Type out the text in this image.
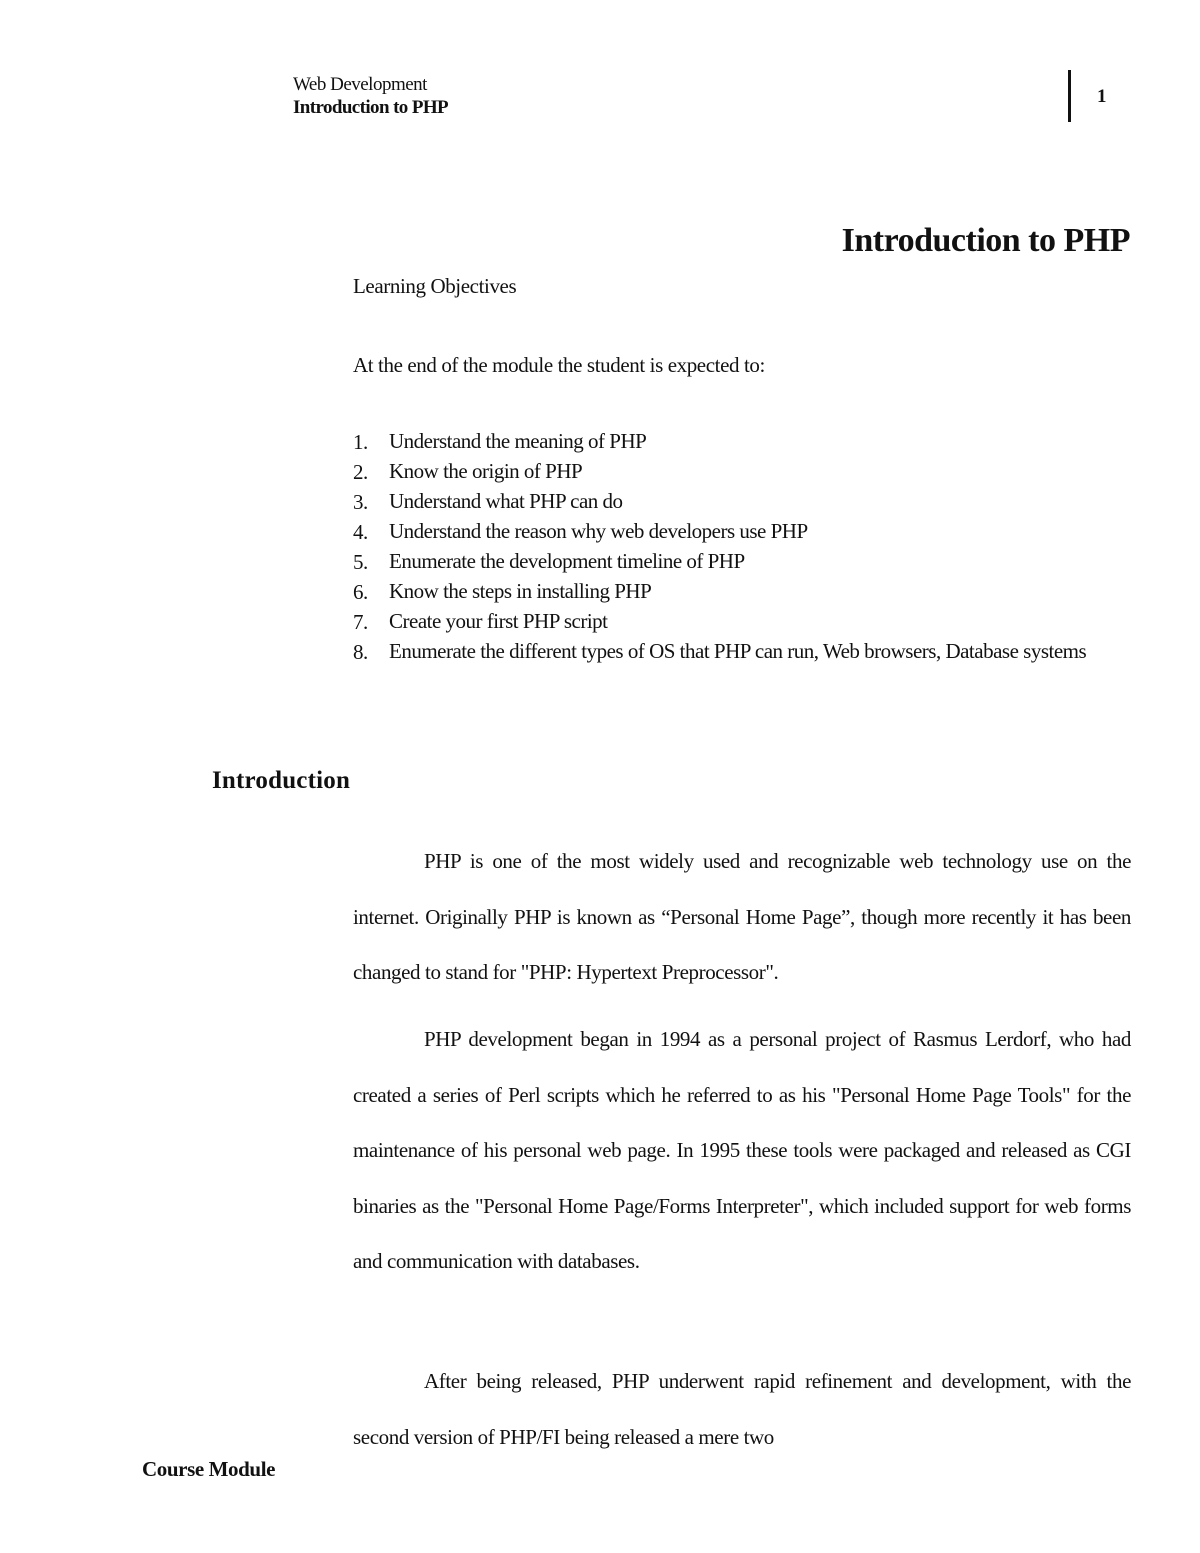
Web Development
Introduction to PHP
1
Introduction to PHP
Learning Objectives
At the end of the module the student is expected to:
1.	Understand the meaning of PHP
2.	Know the origin of PHP
3.	Understand what PHP can do
4.	Understand the reason why web developers use PHP
5.	Enumerate the development timeline of PHP
6.	Know the steps in installing PHP
7.	Create your first PHP script
8.	Enumerate the different types of OS that PHP can run, Web browsers, Database systems
Introduction

PHP is one of the most widely used and recognizable web technology use on the internet. Originally PHP is known as “Personal Home Page”, though more recently it has been changed to stand for "PHP: Hypertext Preprocessor".

PHP development began in 1994 as a personal project of Rasmus Lerdorf, who had created a series of Perl scripts which he referred to as his "Personal Home Page Tools" for the maintenance of his personal web page. In 1995 these tools were packaged and released as CGI binaries as the "Personal Home Page/Forms Interpreter", which included support for web forms and communication with databases.

After being released, PHP underwent rapid refinement and development, with the second version of PHP/FI being released a mere two

Course Module
